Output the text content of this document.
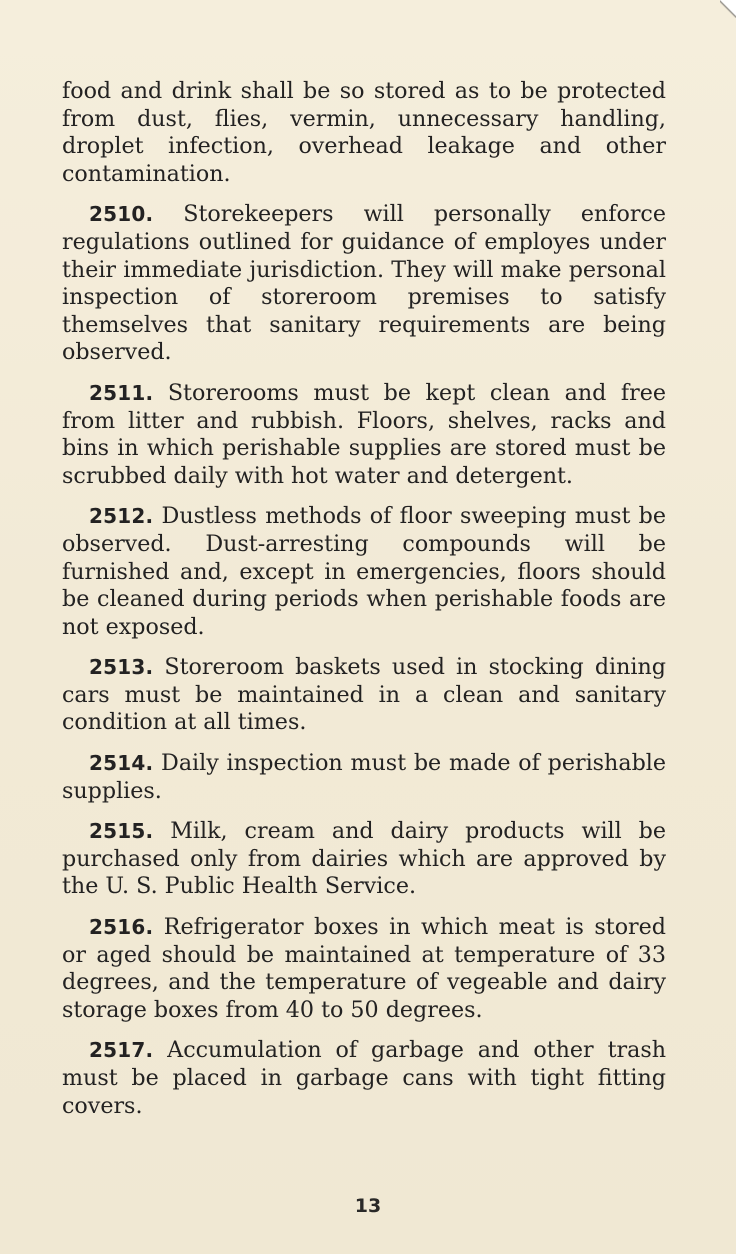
food and drink shall be so stored as to be protected from dust, flies, vermin, unnecessary handling, droplet infection, overhead leakage and other contamination.

2510. Storekeepers will personally enforce regulations outlined for guidance of employes under their immediate jurisdiction. They will make personal inspection of storeroom premises to satisfy themselves that sanitary requirements are being observed.

2511. Storerooms must be kept clean and free from litter and rubbish. Floors, shelves, racks and bins in which perishable supplies are stored must be scrubbed daily with hot water and detergent.

2512. Dustless methods of floor sweeping must be observed. Dust-arresting compounds will be furnished and, except in emergencies, floors should be cleaned during periods when perishable foods are not exposed.

2513. Storeroom baskets used in stocking dining cars must be maintained in a clean and sanitary condition at all times.

2514. Daily inspection must be made of perishable supplies.

2515. Milk, cream and dairy products will be purchased only from dairies which are approved by the U. S. Public Health Service.

2516. Refrigerator boxes in which meat is stored or aged should be maintained at temperature of 33 degrees, and the temperature of vegeable and dairy storage boxes from 40 to 50 degrees.

2517. Accumulation of garbage and other trash must be placed in garbage cans with tight fitting covers.

13
